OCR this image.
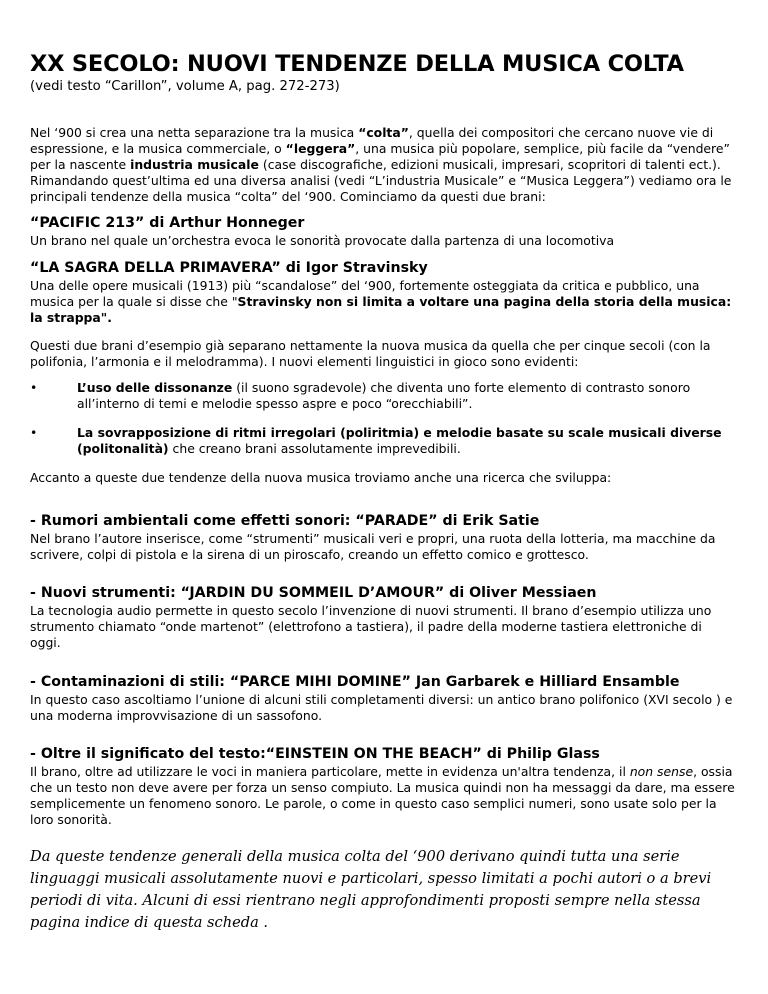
XX SECOLO: NUOVI TENDENZE DELLA MUSICA COLTA
(vedi testo “Carillon”, volume A, pag. 272-273)

Nel ‘900 si crea una netta separazione tra la musica “colta”, quella dei compositori che cercano nuove vie di espressione, e la musica commerciale, o “leggera”, una musica più popolare, semplice, più facile da “vendere” per la nascente industria musicale (case discografiche, edizioni musicali, impresari, scopritori di talenti ect.). Rimandando quest’ultima ed una diversa analisi (vedi “L’industria Musicale” e “Musica Leggera”) vediamo ora le principali tendenze della musica “colta” del ‘900. Cominciamo da questi due brani:

“PACIFIC 213” di Arthur Honneger

Un brano nel quale un’orchestra evoca le sonorità provocate dalla partenza di una locomotiva

“LA SAGRA DELLA PRIMAVERA” di Igor Stravinsky

Una delle opere musicali (1913) più “scandalose” del ‘900, fortemente osteggiata da critica e pubblico, una musica per la quale si disse che "Stravinsky non si limita a voltare una pagina della storia della musica: la strappa".

Questi due brani d’esempio già separano nettamente la nuova musica da quella che per cinque secoli (con la polifonia, l’armonia e il melodramma). I nuovi elementi linguistici in gioco sono evidenti:

•	L’uso delle dissonanze (il suono sgradevole) che diventa uno forte elemento di contrasto sonoro all’interno di temi e melodie spesso aspre e poco “orecchiabili”.
•	La sovrapposizione di ritmi irregolari (poliritmia) e melodie basate su scale musicali diverse (politonalità) che creano brani assolutamente imprevedibili.

Accanto a queste due tendenze della nuova musica troviamo anche una ricerca che sviluppa:

- Rumori ambientali come effetti sonori: “PARADE” di Erik Satie

Nel brano l’autore inserisce, come “strumenti” musicali veri e propri, una ruota della lotteria, ma macchine da scrivere, colpi di pistola e la sirena di un piroscafo, creando un effetto comico e grottesco.

- Nuovi strumenti: “JARDIN DU SOMMEIL D’AMOUR” di Oliver Messiaen

La tecnologia audio permette in questo secolo l’invenzione di nuovi strumenti. Il brano d’esempio utilizza uno strumento chiamato “onde martenot” (elettrofono a tastiera), il padre della moderne tastiera elettroniche di oggi.

- Contaminazioni di stili: “PARCE MIHI DOMINE” Jan Garbarek e Hilliard Ensamble

In questo caso ascoltiamo l’unione di alcuni stili completamenti diversi: un antico brano polifonico (XVI secolo ) e una moderna improvvisazione di un sassofono.

- Oltre il significato del testo:“EINSTEIN ON THE BEACH” di Philip Glass

Il brano, oltre ad utilizzare le voci in maniera particolare, mette in evidenza un'altra tendenza, il non sense, ossia che un testo non deve avere per forza un senso compiuto. La musica quindi non ha messaggi da dare, ma essere semplicemente un fenomeno sonoro. Le parole, o come in questo caso semplici numeri, sono usate solo per la loro sonorità.

Da queste tendenze generali della musica colta del ‘900 derivano quindi tutta una serie linguaggi musicali assolutamente nuovi e particolari, spesso limitati a pochi autori o a brevi periodi di vita. Alcuni di essi rientrano negli approfondimenti proposti sempre nella stessa pagina indice di questa scheda .
